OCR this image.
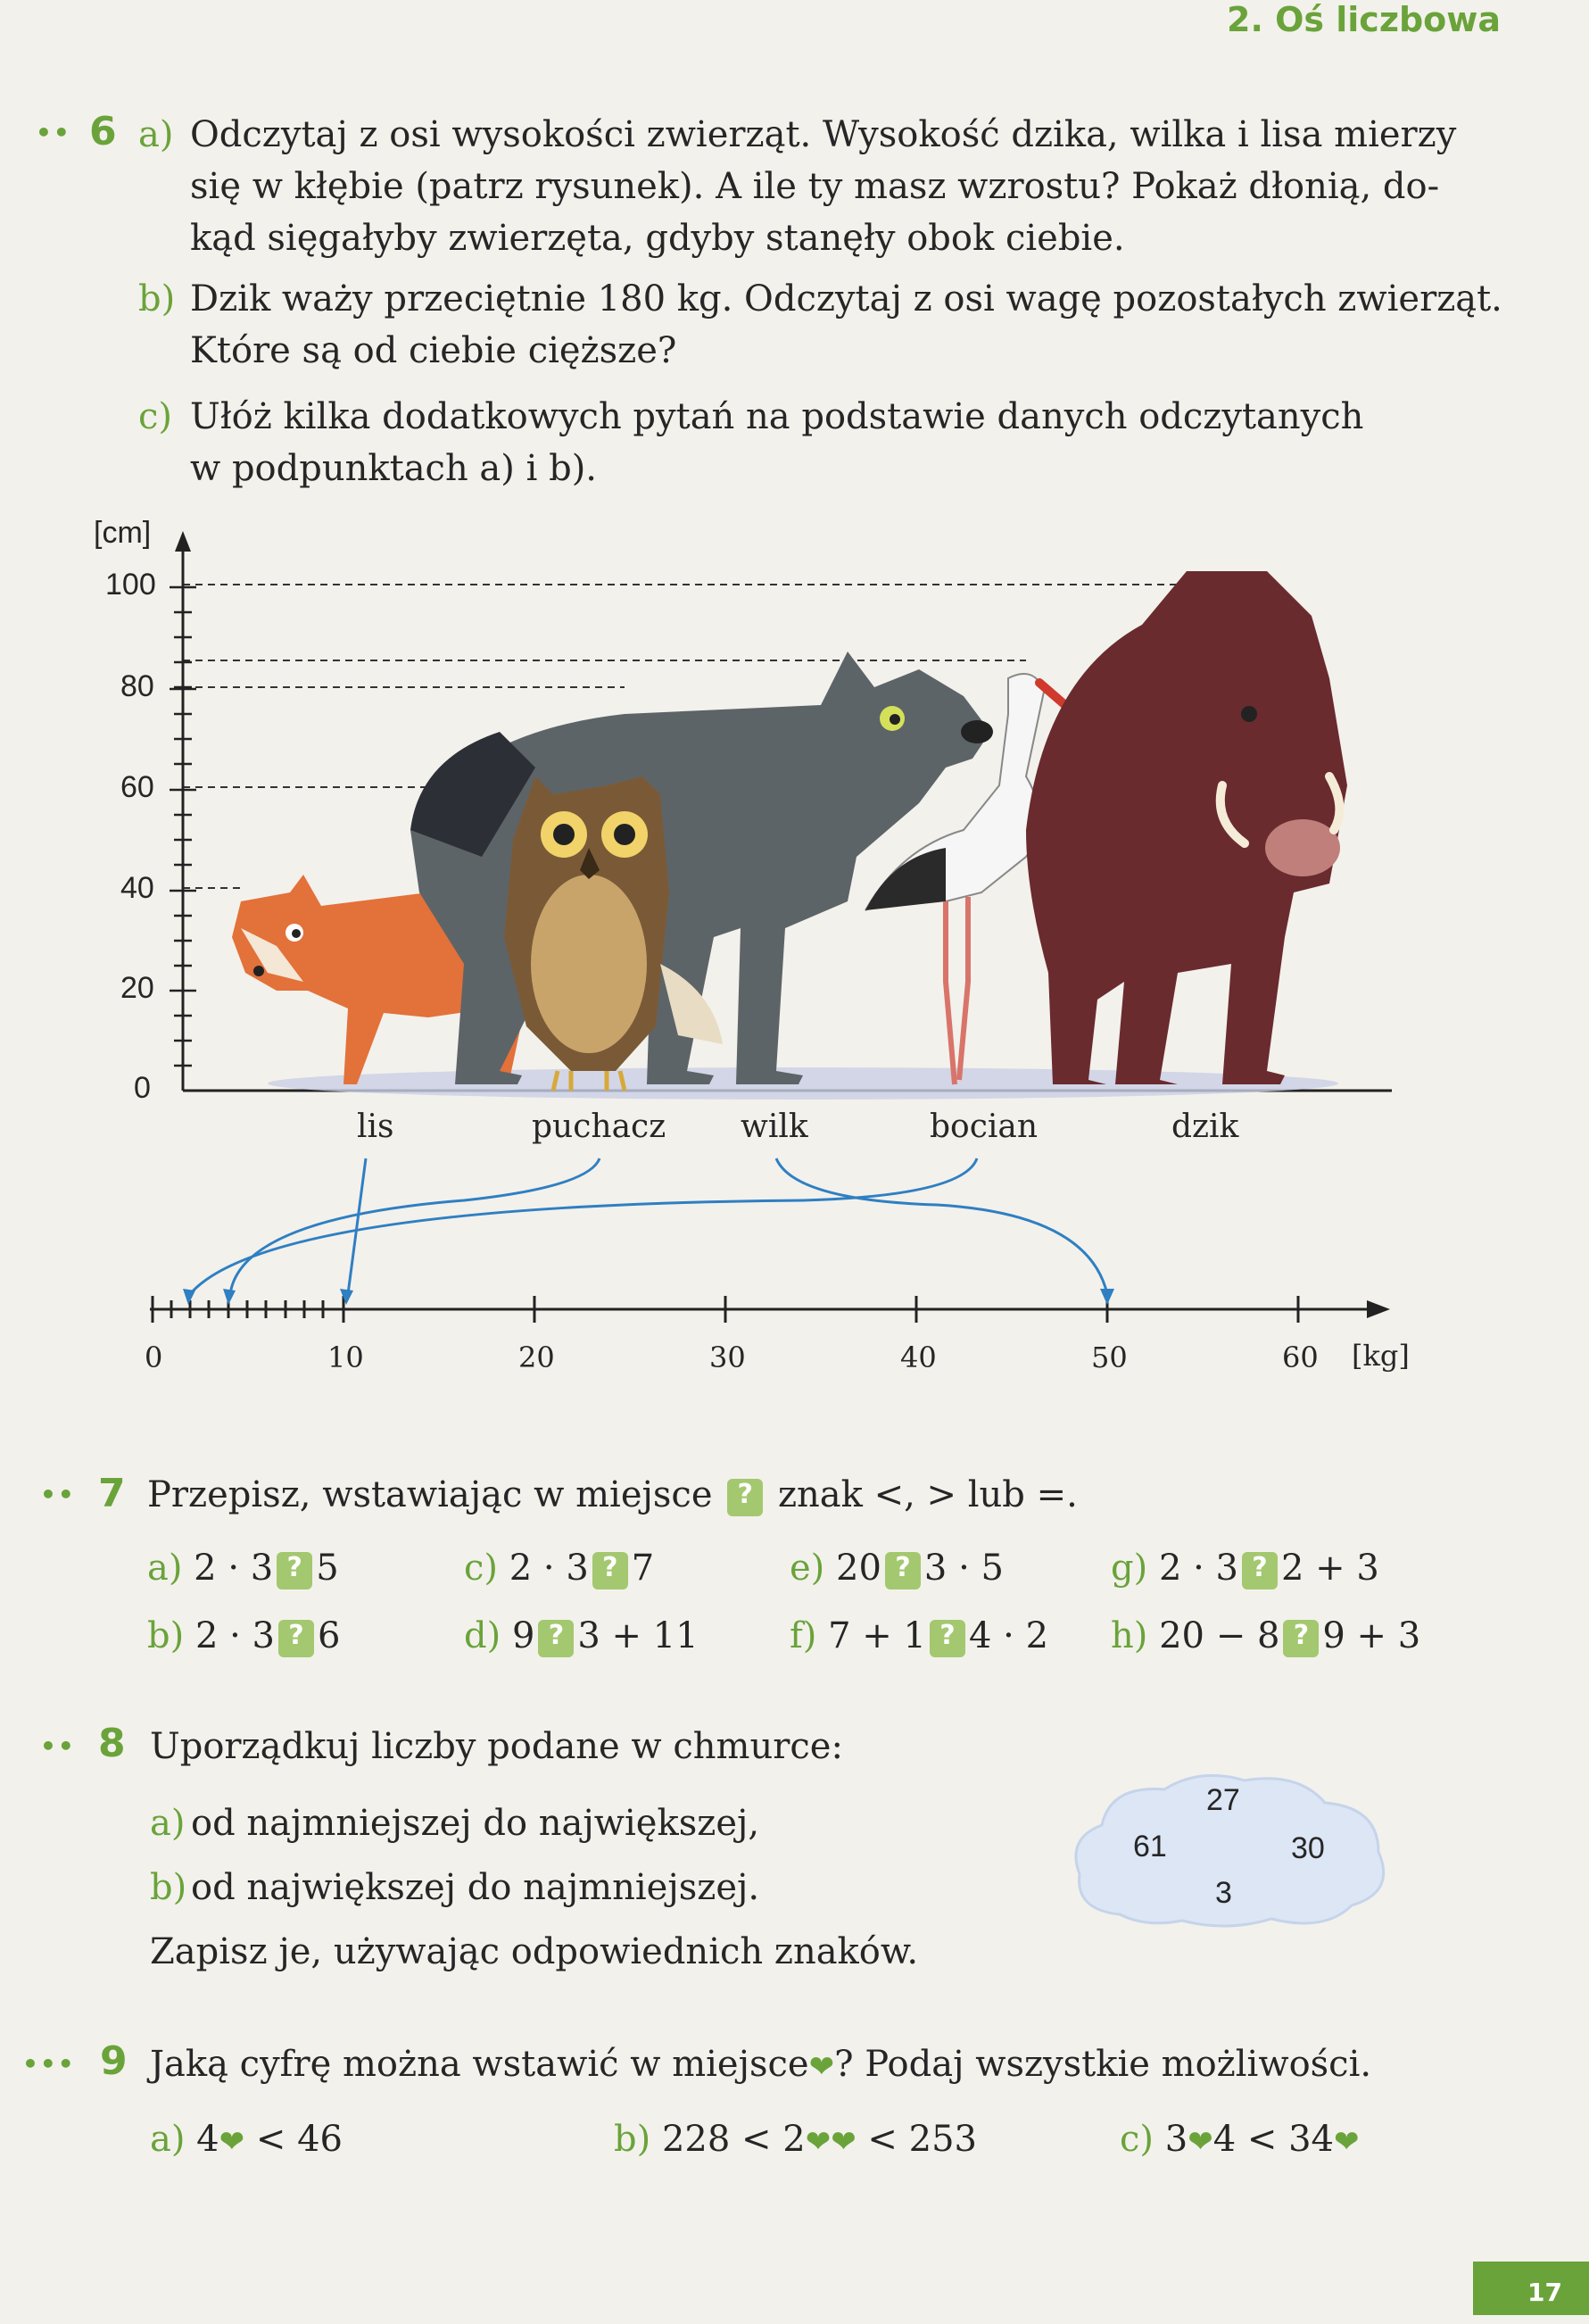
2. Oś liczbowa
•• 6 a) Odczytaj z osi wysokości zwierząt. Wysokość dzika, wilka i lisa mierzy
się w kłębie (patrz rysunek). A ile ty masz wzrostu? Pokaż dłonią, do-
kąd sięgałyby zwierzęta, gdyby stanęły obok ciebie.
b) Dzik waży przeciętnie 180 kg. Odczytaj z osi wagę pozostałych zwierząt.
Które są od ciebie cięższe?
c) Ułóż kilka dodatkowych pytań na podstawie danych odczytanych
w podpunktach a) i b).
[cm]
100
80
60
40
20
0
lis	puchacz wilk	bocian	dzik
0	10	20	30	40	50	60 [kg]
•• 7 Przepisz, wstawiając w miejsce ? znak <, > lub =.
a) 2 · 3 ? 5
b) 2 · 3 ? 6
c) 2 · 3 ? 7
d) 9 ? 3 + 11
e) 20 ? 3 · 5
f) 7 + 1 ? 4 · 2
g) 2 · 3 ? 2 + 3
h) 20 − 8 ? 9 + 3
•• 8 Uporządkuj liczby podane w chmurce:
a) od najmniejszej do największej,
b) od największej do najmniejszej.
Zapisz je, używając odpowiednich znaków.
27
61	30
3
••• 9 Jaką cyfrę można wstawić w miejsce❤? Podaj wszystkie możliwości.
a) 4❤ < 46	b) 228 < 2❤❤ < 253	c) 3❤4 < 34❤
17
